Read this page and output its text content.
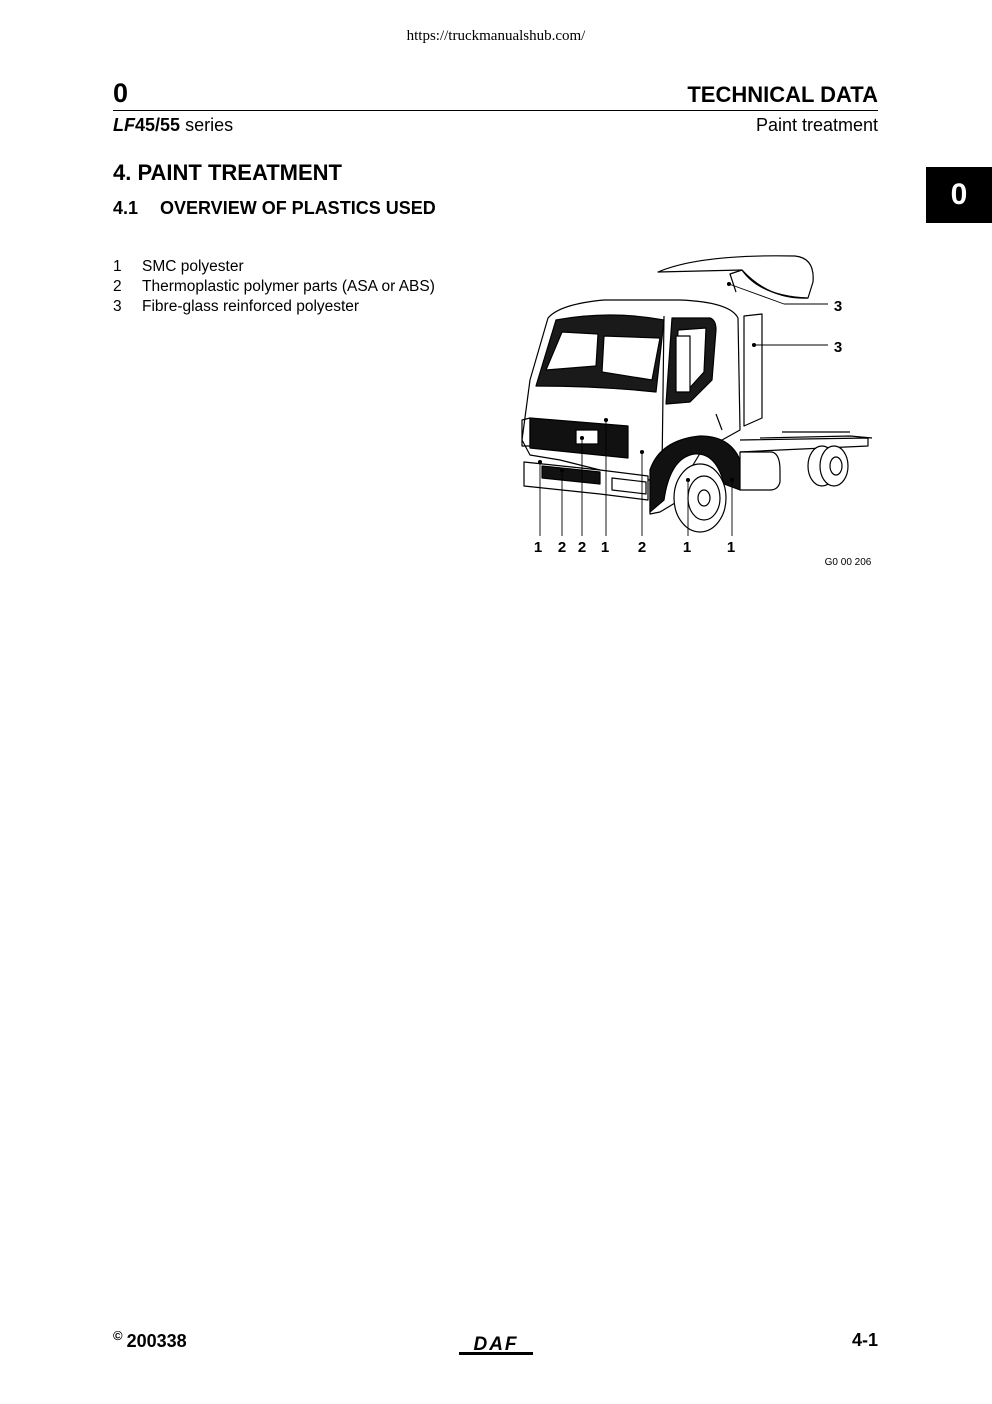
https://truckmanualshub.com/
0	TECHNICAL DATA
LF45/55 series	Paint treatment
0
4. PAINT TREATMENT
4.1 OVERVIEW OF PLASTICS USED
1	SMC polyester
2	Thermoplastic polymer parts (ASA or ABS)
3	Fibre-glass reinforced polyester	3
3
1 2 2 1 2 1 1
G0 00 206
© 200338	DAF	4-1
